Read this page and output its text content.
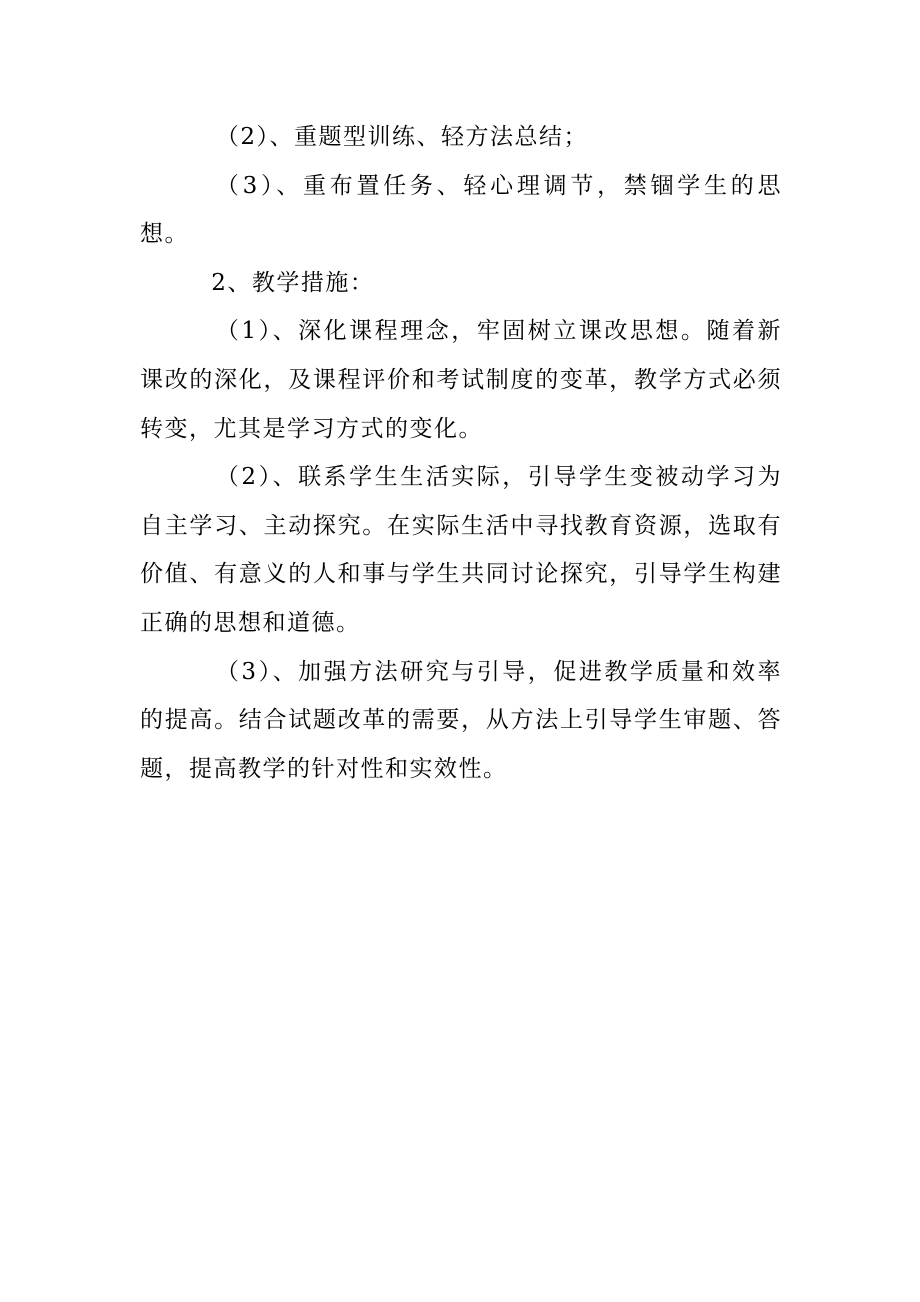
（2）、重题型训练、轻方法总结；

（3）、重布置任务、轻心理调节，禁锢学生的思想。

2、教学措施：

（1）、深化课程理念，牢固树立课改思想。随着新课改的深化，及课程评价和考试制度的变革，教学方式必须转变，尤其是学习方式的变化。

（2）、联系学生生活实际，引导学生变被动学习为自主学习、主动探究。在实际生活中寻找教育资源，选取有价值、有意义的人和事与学生共同讨论探究，引导学生构建正确的思想和道德。

（3）、加强方法研究与引导，促进教学质量和效率的提高。结合试题改革的需要，从方法上引导学生审题、答题，提高教学的针对性和实效性。
